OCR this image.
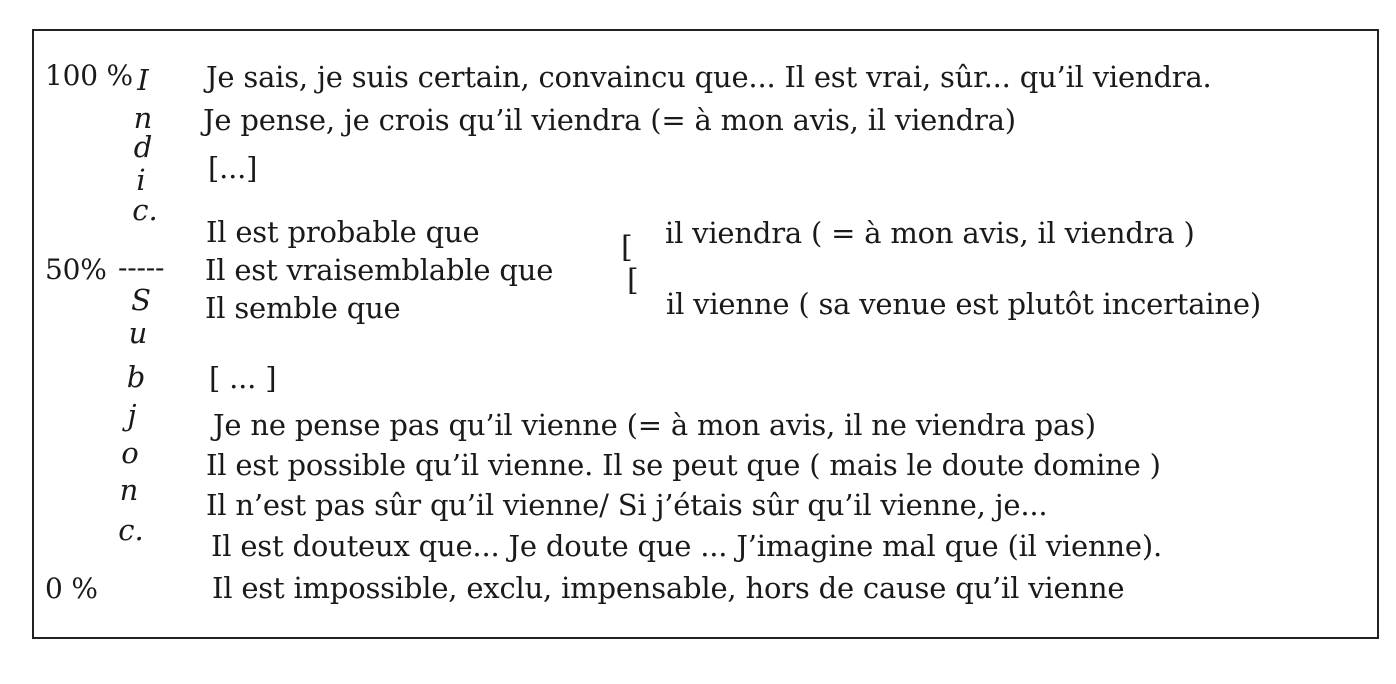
100 %
50% -----
0 %
I
n
d
i
c.
S
u
b
j
o
n
c.
Je sais, je suis certain, convaincu que... Il est vrai, sûr... qu’il viendra.
Je pense, je crois qu’il viendra (= à mon avis, il viendra)
[...]
Il est probable que
Il est vraisemblable que
Il semble que
[ ... ]
Je ne pense pas qu’il vienne (= à mon avis, il ne viendra pas)
Il est possible qu’il vienne. Il se peut que ( mais le doute domine )
Il n’est pas sûr qu’il vienne/ Si j’étais sûr qu’il vienne, je...
Il est douteux que... Je doute que ... J’imagine mal que (il vienne).
Il est impossible, exclu, impensable, hors de cause qu’il vienne
[
[
il viendra ( = à mon avis, il viendra )
il vienne ( sa venue est plutôt incertaine)
